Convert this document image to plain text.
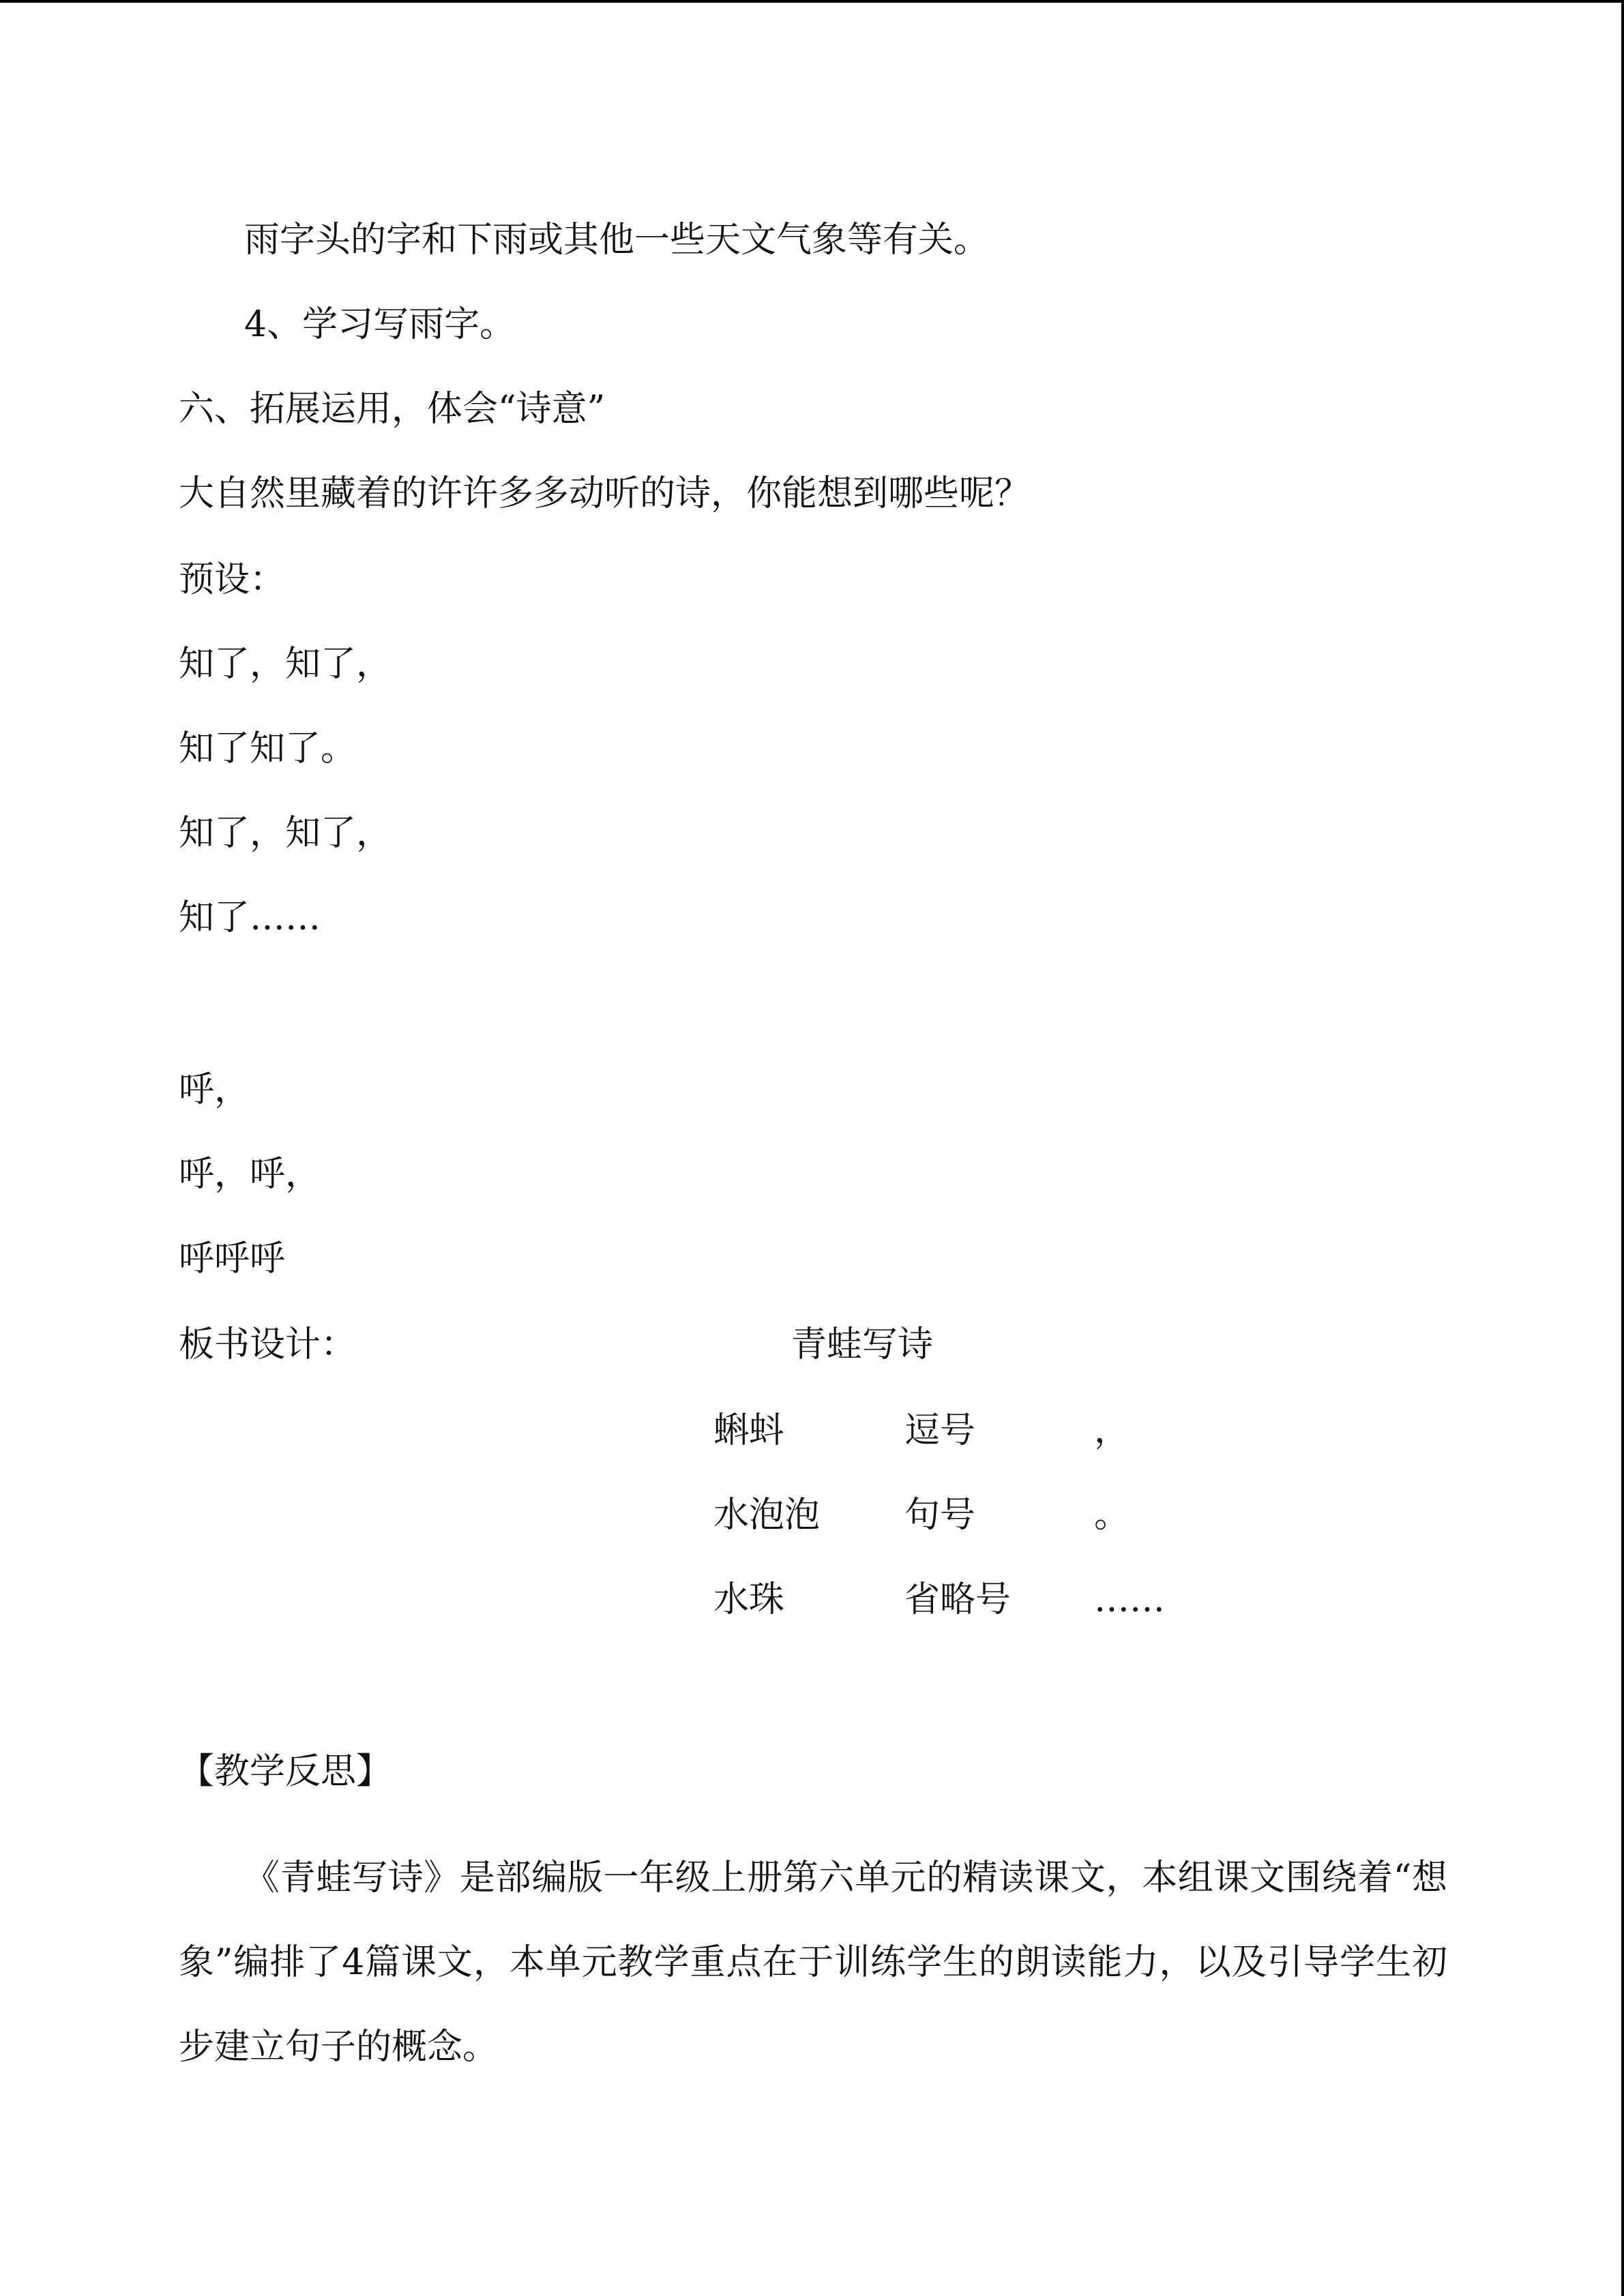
雨字头的字和下雨或其他一些天文气象等有关。
4、学习写雨字。
六、拓展运用，体会“诗意”
大自然里藏着的许许多多动听的诗，你能想到哪些呢？
预设：
知了，知了，
知了知了。
知了，知了，
知了……
呼，
呼，呼，
呼呼呼
板书设计：	青蛙写诗
蝌蚪	逗号	，
水泡泡 句号	。
水珠	省略号 ……
【教学反思】
《青蛙写诗》是部编版一年级上册第六单元的精读课文，本组课文围绕着“想象”编排了4篇课文，本单元教学重点在于训练学生的朗读能力，以及引导学生初步建立句子的概念。
